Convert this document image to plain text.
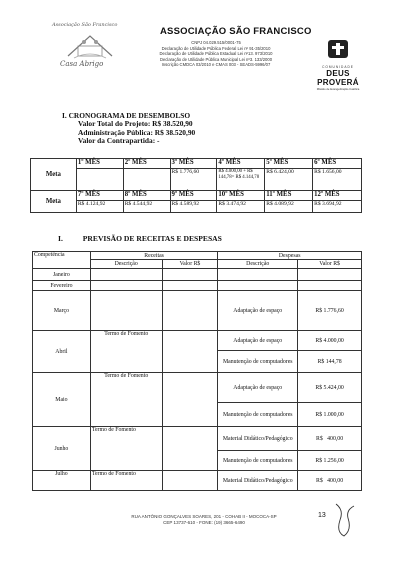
Associação São Francisco
Casa Abrigo
ASSOCIAÇÃO SÃO FRANCISCO
CNPJ 04.029.515/0001-75
Declaração de Utilidade Pública Federal Lei nº 91-35/2010
Declaração de Utilidade Pública Estadual Lei nº13. 973/2010
Declaração de Utilidade Pública Municipal Lei nº3. 133/2000
Inscrição CMDCA 03/2010 e CMAS 003 - SEADS-5996/07	COMUNIDADE
DEUS PROVERÁ
Missão de Evangelização Católica
I. CRONOGRAMA DE DESEMBOLSO
Valor Total do Projeto: R$ 38.520,90
Administração Pública: R$ 38.520,90
Valor da Contrapartida: -
Meta	1º MÊS	2º MÊS	3º MÊS	4º MÊS	5º MÊS	6º MÊS
			R$ 1.776,60	R$ 4.000,00 + R$ 144,78= R$ 4.144,78	R$ 6.424,00	R$ 1.656,00
Meta	7º MÊS	8º MÊS	9º MÊS	10º MÊS	11º MÊS	12º MÊS
	R$ 4.124,92	R$ 4.544,92	R$ 4.589,92	R$ 3.474,92	R$ 4.089,92	R$ 3.694,92
I.	PREVISÃO DE RECEITAS E DESPESAS
Competência	Receitas		Despesas	
	Descrição	Valor R$	Descrição	Valor R$
Janeiro				
Fevereiro				
Março			Adaptação de espaço	R$ 1.776,60
Abril	Termo de Fomento		Adaptação de espaço	R$ 4.000,00
			Manutenção de computadores	R$ 144,78
Maio	Termo de Fomento		Adaptação de espaço	R$ 5.424,00
			Manutenção de computadores	R$ 1.000,00
Junho	Termo de Fomento		Material Didático/Pedagógico	R$   400,00
			Manutenção de computadores	R$ 1.256,00
Julho	Termo de Fomento		Material Didático/Pedagógico	R$   400,00
RUA ANTÔNIO GONÇALVES SOARES, 201 - COHAB II - MOCOCA-SP
CEP 13737-610 - FONE: (19) 3665-6490
13
